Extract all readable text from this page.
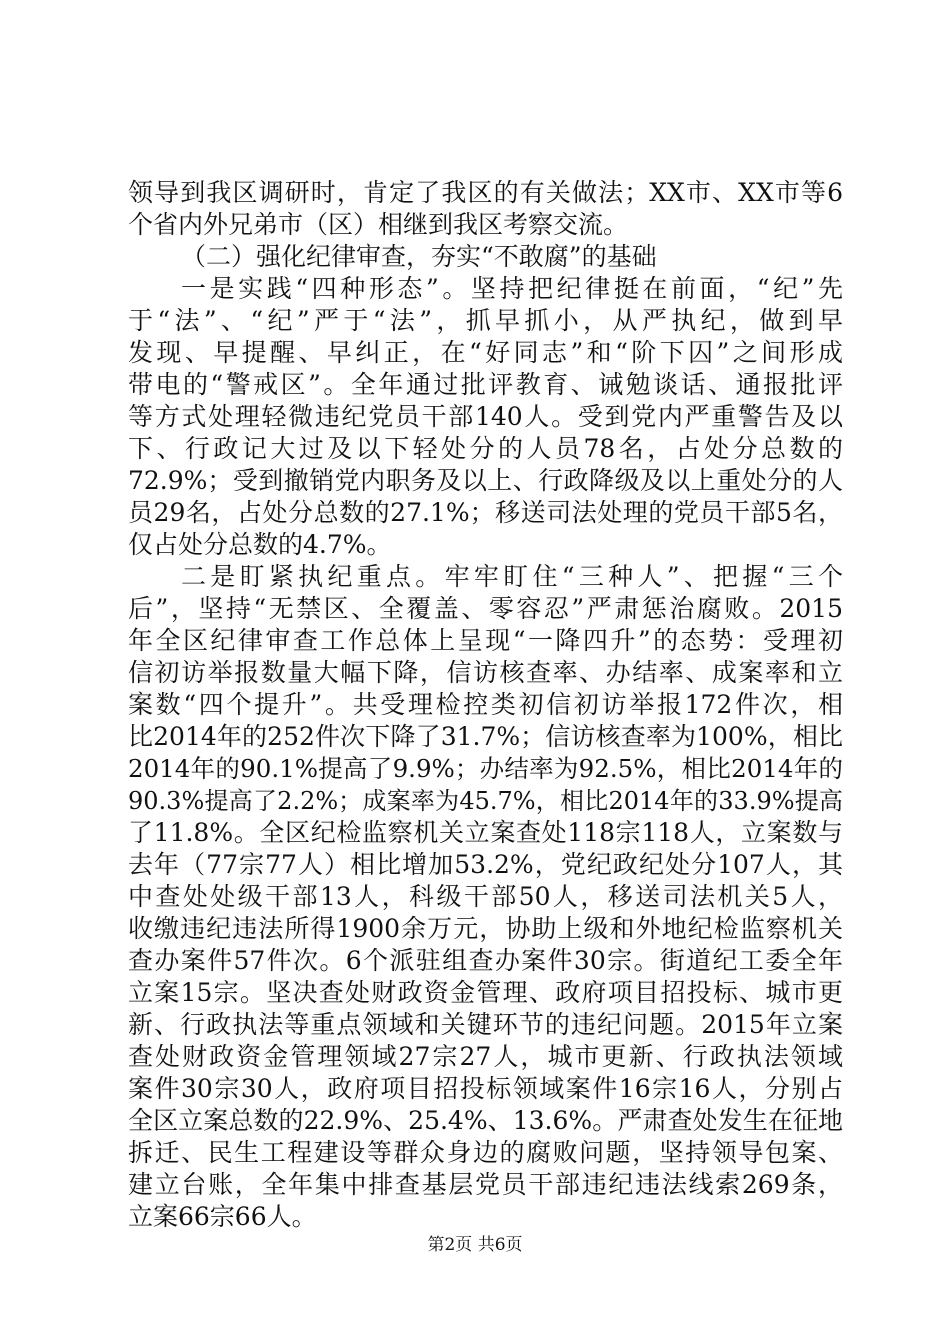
领导到我区调研时，肯定了我区的有关做法；XX市、XX市等6
个省内外兄弟市（区）相继到我区考察交流。
（二）强化纪律审查，夯实“不敢腐”的基础
一是实践“四种形态”。坚持把纪律挺在前面，“纪”先
于“法”、“纪”严于“法”，抓早抓小，从严执纪，做到早
发现、早提醒、早纠正，在“好同志”和“阶下囚”之间形成
带电的“警戒区”。全年通过批评教育、诫勉谈话、通报批评
等方式处理轻微违纪党员干部140人。受到党内严重警告及以
下、行政记大过及以下轻处分的人员78名，占处分总数的
72.9%；受到撤销党内职务及以上、行政降级及以上重处分的人
员29名，占处分总数的27.1%；移送司法处理的党员干部5名，
仅占处分总数的4.7%。
二是盯紧执纪重点。牢牢盯住“三种人”、把握“三个
后”，坚持“无禁区、全覆盖、零容忍”严肃惩治腐败。2015
年全区纪律审查工作总体上呈现“一降四升”的态势：受理初
信初访举报数量大幅下降，信访核查率、办结率、成案率和立
案数“四个提升”。共受理检控类初信初访举报172件次，相
比2014年的252件次下降了31.7%；信访核查率为100%，相比
2014年的90.1%提高了9.9%；办结率为92.5%，相比2014年的
90.3%提高了2.2%；成案率为45.7%，相比2014年的33.9%提高
了11.8%。全区纪检监察机关立案查处118宗118人，立案数与
去年（77宗77人）相比增加53.2%，党纪政纪处分107人，其
中查处处级干部13人，科级干部50人，移送司法机关5人，
收缴违纪违法所得1900余万元，协助上级和外地纪检监察机关
查办案件57件次。6个派驻组查办案件30宗。街道纪工委全年
立案15宗。坚决查处财政资金管理、政府项目招投标、城市更
新、行政执法等重点领域和关键环节的违纪问题。2015年立案
查处财政资金管理领域27宗27人，城市更新、行政执法领域
案件30宗30人，政府项目招投标领域案件16宗16人，分别占
全区立案总数的22.9%、25.4%、13.6%。严肃查处发生在征地
拆迁、民生工程建设等群众身边的腐败问题，坚持领导包案、
建立台账，全年集中排查基层党员干部违纪违法线索269条，
立案66宗66人。
第2页 共6页
